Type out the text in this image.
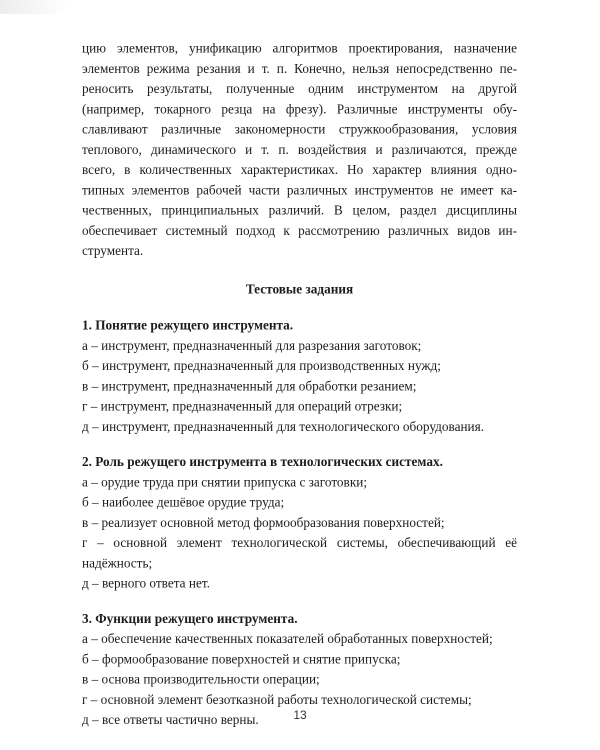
цию элементов, унификацию алгоритмов проектирования, назначение
элементов режима резания и т. п. Конечно, нельзя непосредственно пе-
реносить результаты, полученные одним инструментом на другой
(например, токарного резца на фрезу). Различные инструменты обу-
славливают различные закономерности стружкообразования, условия
теплового, динамического и т. п. воздействия и различаются, прежде
всего, в количественных характеристиках. Но характер влияния одно-
типных элементов рабочей части различных инструментов не имеет ка-
чественных, принципиальных различий. В целом, раздел дисциплины
обеспечивает системный подход к рассмотрению различных видов ин-
струмента.

Тестовые задания
1. Понятие режущего инструмента.
а – инструмент, предназначенный для разрезания заготовок;
б – инструмент, предназначенный для производственных нужд;
в – инструмент, предназначенный для обработки резанием;
г – инструмент, предназначенный для операций отрезки;
д – инструмент, предназначенный для технологического оборудования.
2. Роль режущего инструмента в технологических системах.
а – орудие труда при снятии припуска с заготовки;
б – наиболее дешёвое орудие труда;
в – реализует основной метод формообразования поверхностей;
г – основной элемент технологической системы, обеспечивающий её
надёжность;
д – верного ответа нет.
3. Функции режущего инструмента.
а – обеспечение качественных показателей обработанных поверхностей;
б – формообразование поверхностей и снятие припуска;
в – основа производительности операции;
г – основной элемент безотказной работы технологической системы;
д – все ответы частично верны.	13
